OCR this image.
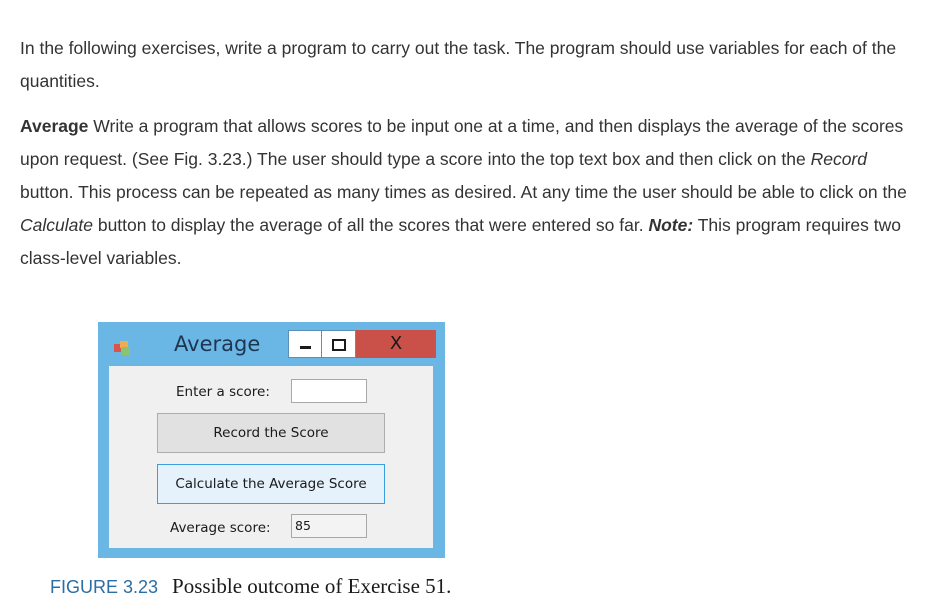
In the following exercises, write a program to carry out the task. The program should use variables for each of the quantities.

Average Write a program that allows scores to be input one at a time, and then displays the average of the scores upon request. (See Fig. 3.23.) The user should type a score into the top text box and then click on the Record button. This process can be repeated as many times as desired. At any time the user should be able to click on the Calculate button to display the average of all the scores that were entered so far. Note: This program requires two class-level variables.

Average	X
Enter a score:
Record the Score
Calculate the Average Score
Average score:	85
FIGURE 3.23 Possible outcome of Exercise 51.
